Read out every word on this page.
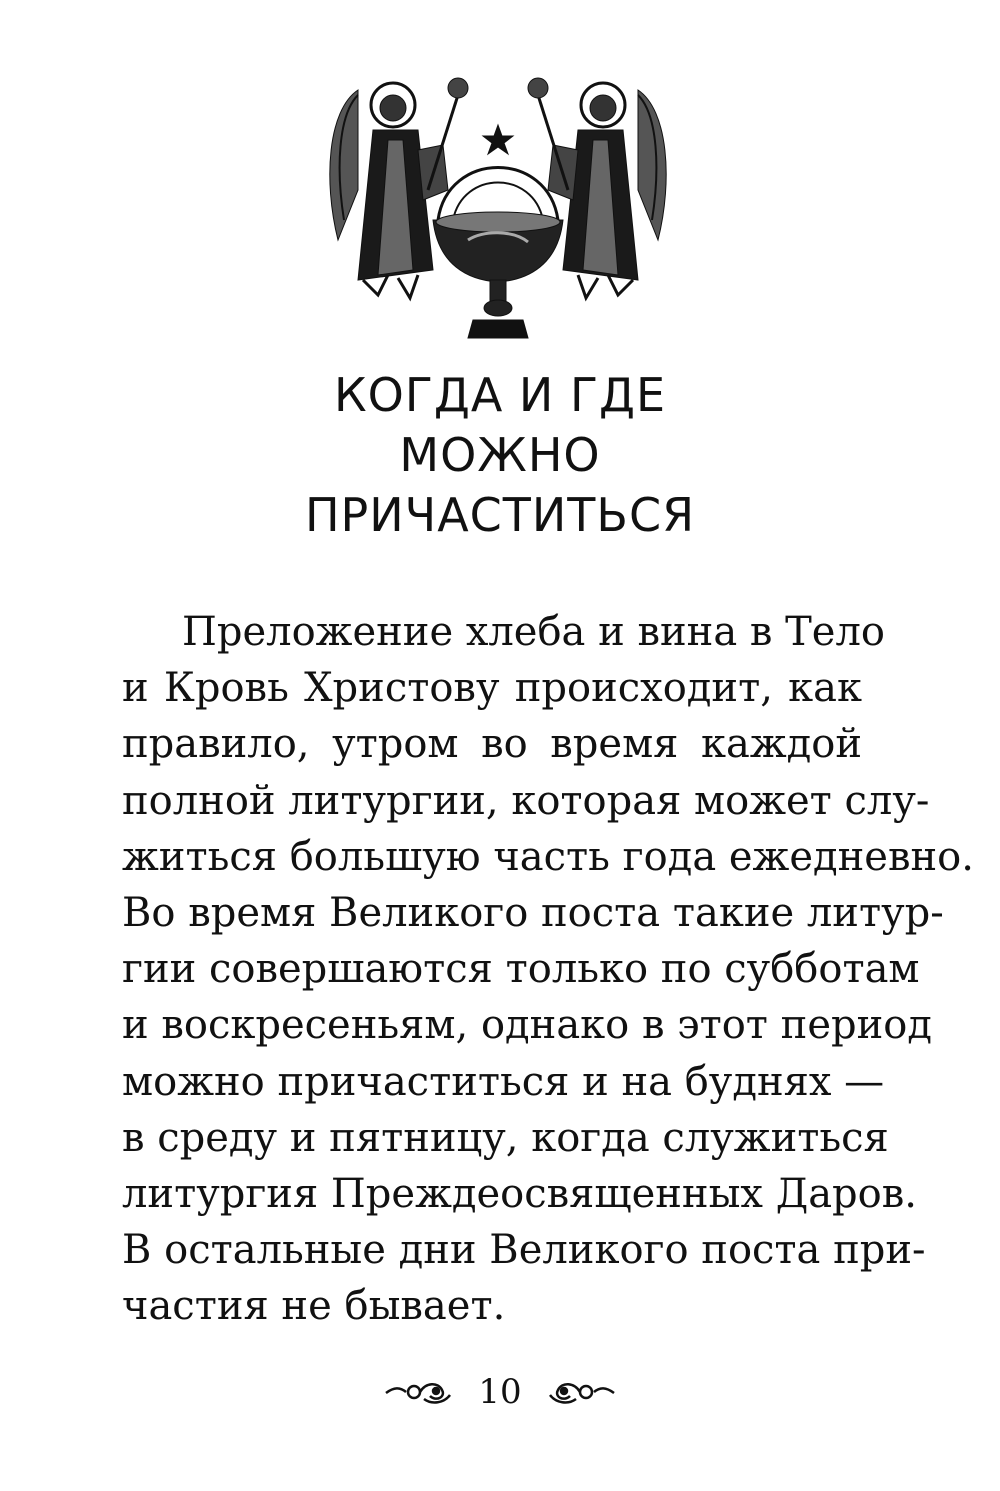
КОГДА И ГДЕ
МОЖНО
ПРИЧАСТИТЬСЯ
Преложение хлеба и вина в Тело
и Кровь Христову происходит, как
правило, утром во время каждой
полной литургии, которая может слу-
житься большую часть года ежедневно.
Во время Великого поста такие литур-
гии совершаются только по субботам
и воскресеньям, однако в этот период
можно причаститься и на буднях —
в среду и пятницу, когда служиться
литургия Преждеосвященных Даров.
В остальные дни Великого поста при-
частия не бывает.
10
